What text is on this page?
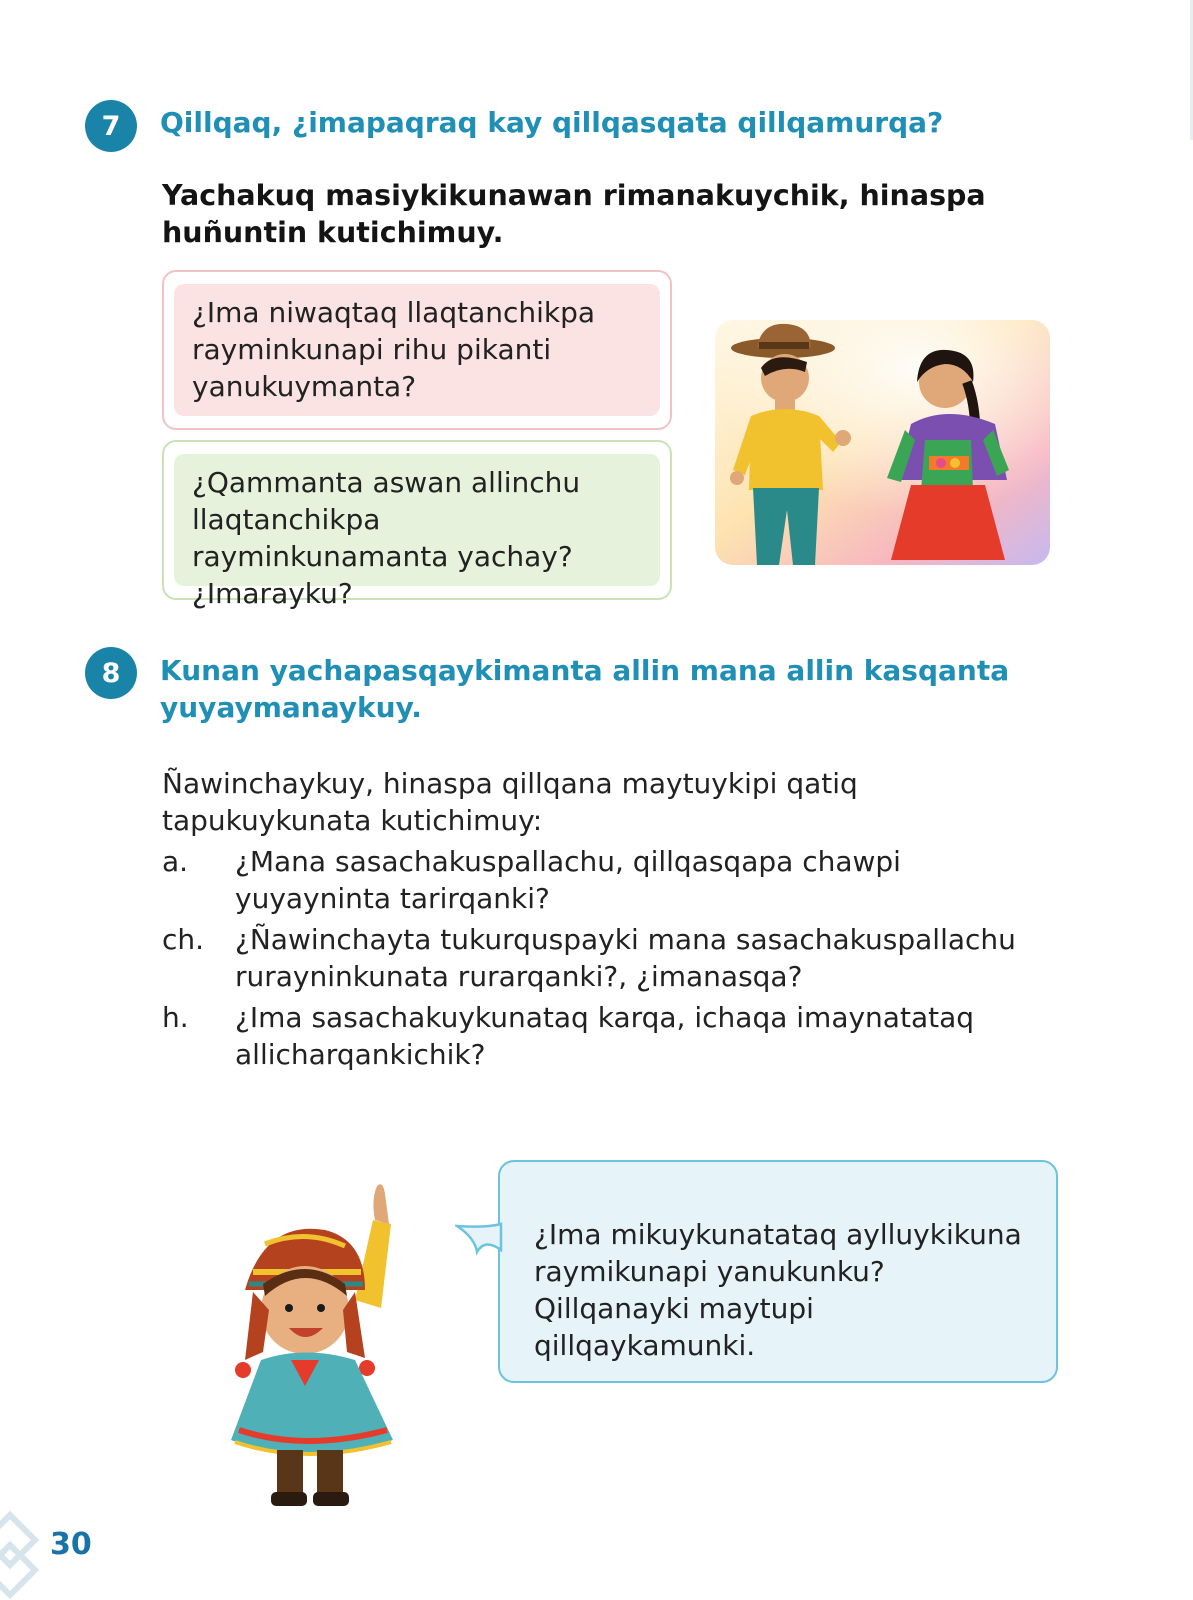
7	Qillqaq, ¿imapaqraq kay qillqasqata qillqamurqa?
Yachakuq masiykikunawan rimanakuychik, hinaspa huñuntin kutichimuy.
¿Ima niwaqtaq llaqtanchikpa rayminkunapi rihu pikanti yanukuymanta?
¿Qammanta aswan allinchu llaqtanchikpa rayminkunamanta yachay? ¿Imarayku?
8	Kunan yachapasqaykimanta allin mana allin kasqanta yuyaymanaykuy.
Ñawinchaykuy, hinaspa qillqana maytuykipi qatiq tapukuykunata kutichimuy:
a. ¿Mana sasachakuspallachu, qillqasqapa chawpi yuyayninta tarirqanki?
ch. ¿Ñawinchayta tukurquspayki mana sasachakuspallachu rurayninkunata rurarqanki?, ¿imanasqa?
h. ¿Ima sasachakuykunataq karqa, ichaqa imaynatataq allicharqankichik?
¿Ima mikuykunatataq aylluykikuna raymikunapi yanukunku? Qillqanayki maytupi qillqaykamunki.
30
